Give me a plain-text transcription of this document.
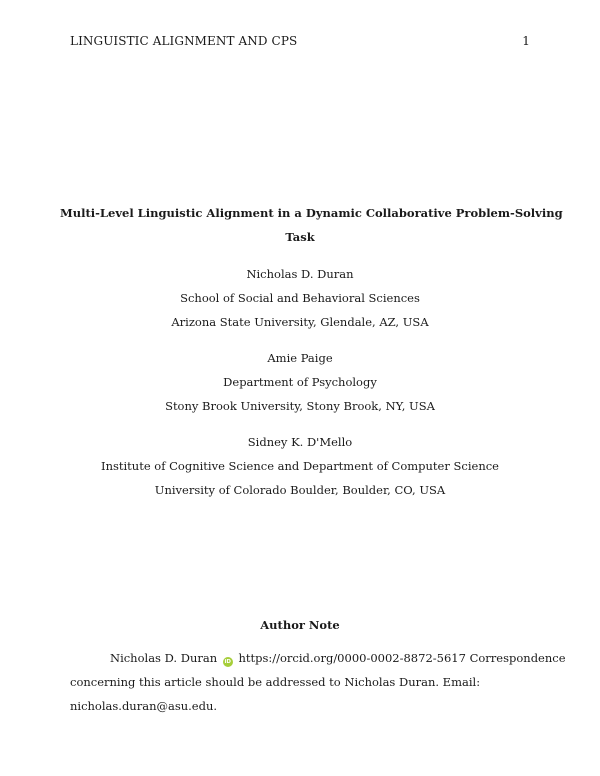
LINGUISTIC ALIGNMENT AND CPS	1
Multi-Level Linguistic Alignment in a Dynamic Collaborative Problem-Solving
Task
Nicholas D. Duran
School of Social and Behavioral Sciences
Arizona State University, Glendale, AZ, USA
Amie Paige
Department of Psychology
Stony Brook University, Stony Brook, NY, USA
Sidney K. D'Mello
Institute of Cognitive Science and Department of Computer Science
University of Colorado Boulder, Boulder, CO, USA
Author Note
Nicholas D. Duran iD https://orcid.org/0000-0002-8872-5617 Correspondence
concerning this article should be addressed to Nicholas Duran. Email:
nicholas.duran@asu.edu.
